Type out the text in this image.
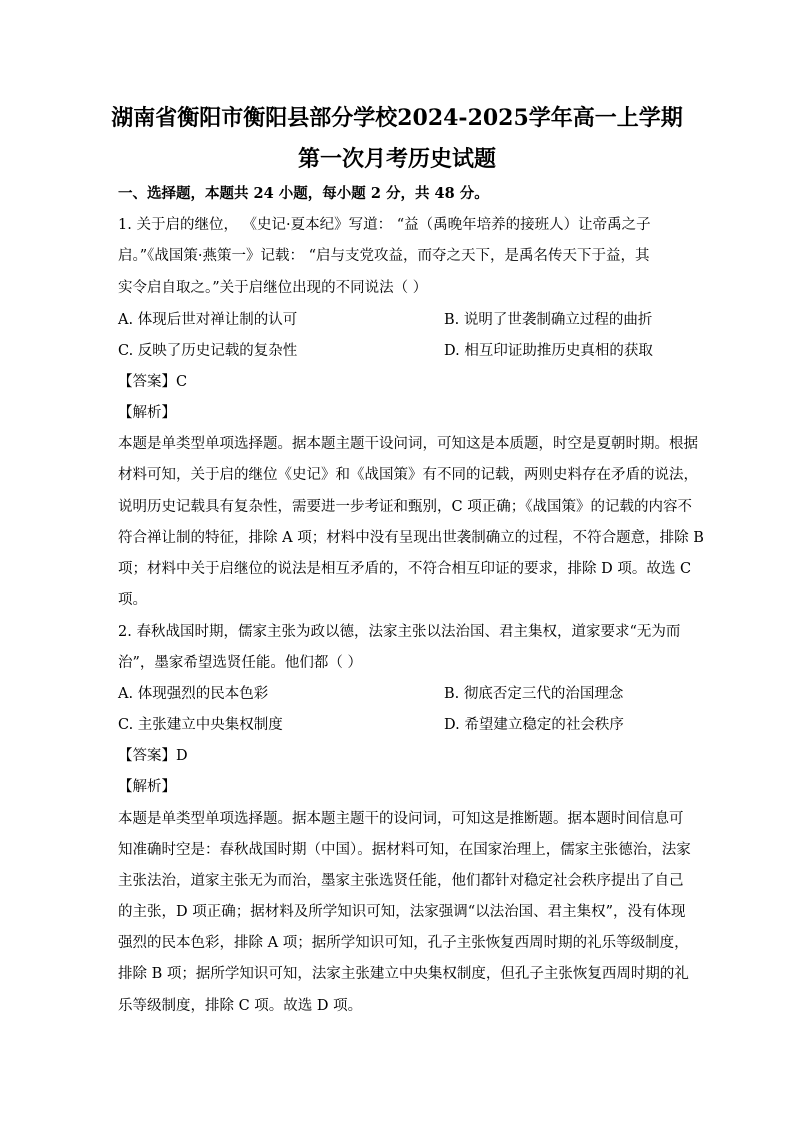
湖南省衡阳市衡阳县部分学校2024-2025学年高一上学期
第一次月考历史试题
一、选择题，本题共 24 小题，每小题 2 分，共 48 分。
1. 关于启的继位， 《史记·夏本纪》写道： “益（禹晚年培养的接班人）让帝禹之子
启。”《战国策·燕策一》记载： “启与支党攻益，而夺之天下，是禹名传天下于益，其
实令启自取之。”关于启继位出现的不同说法（ ）
A. 体现后世对禅让制的认可	B. 说明了世袭制确立过程的曲折
C. 反映了历史记载的复杂性	D. 相互印证助推历史真相的获取
【答案】C
【解析】
本题是单类型单项选择题。据本题主题干设问词，可知这是本质题，时空是夏朝时期。根据
材料可知，关于启的继位《史记》和《战国策》有不同的记载，两则史料存在矛盾的说法，
说明历史记载具有复杂性，需要进一步考证和甄别，C 项正确；《战国策》的记载的内容不
符合禅让制的特征，排除 A 项；材料中没有呈现出世袭制确立的过程，不符合题意，排除 B
项；材料中关于启继位的说法是相互矛盾的，不符合相互印证的要求，排除 D 项。故选 C
项。
2. 春秋战国时期，儒家主张为政以德，法家主张以法治国、君主集权，道家要求“无为而
治”，墨家希望选贤任能。他们都（ ）
A. 体现强烈的民本色彩	B. 彻底否定三代的治国理念
C. 主张建立中央集权制度	D. 希望建立稳定的社会秩序
【答案】D
【解析】
本题是单类型单项选择题。据本题主题干的设问词，可知这是推断题。据本题时间信息可
知准确时空是：春秋战国时期（中国）。据材料可知，在国家治理上，儒家主张德治，法家
主张法治，道家主张无为而治，墨家主张选贤任能，他们都针对稳定社会秩序提出了自己
的主张，D 项正确；据材料及所学知识可知，法家强调“以法治国、君主集权”，没有体现
强烈的民本色彩，排除 A 项；据所学知识可知，孔子主张恢复西周时期的礼乐等级制度，
排除 B 项；据所学知识可知，法家主张建立中央集权制度，但孔子主张恢复西周时期的礼
乐等级制度，排除 C 项。故选 D 项。
